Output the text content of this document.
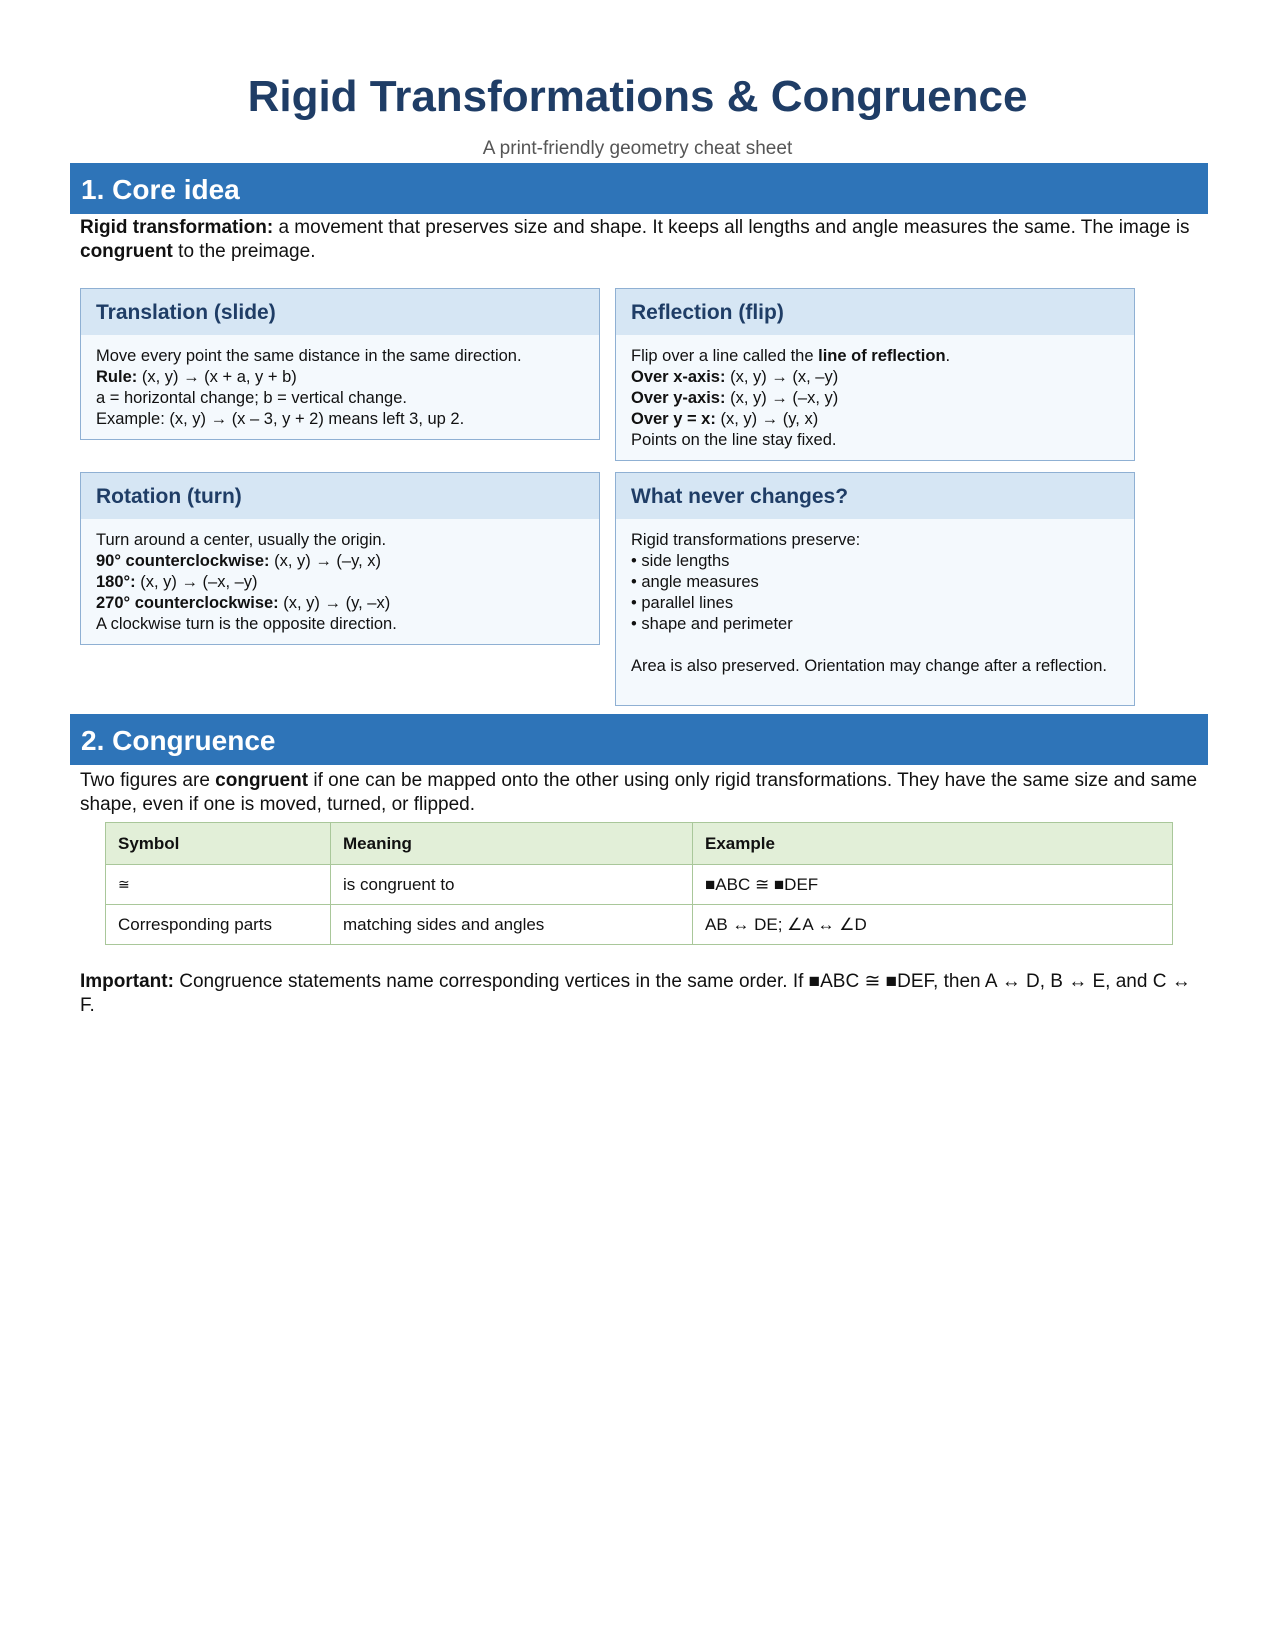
Rigid Transformations & Congruence
A print-friendly geometry cheat sheet
1. Core idea
Rigid transformation: a movement that preserves size and shape. It keeps all lengths and angle measures the same. The image is congruent to the preimage.
Translation (slide)
Move every point the same distance in the same direction.
Rule: (x, y) → (x + a, y + b)
a = horizontal change; b = vertical change.
Example: (x, y) → (x – 3, y + 2) means left 3, up 2.
Reflection (flip)
Flip over a line called the line of reflection.
Over x-axis: (x, y) → (x, –y)
Over y-axis: (x, y) → (–x, y)
Over y = x: (x, y) → (y, x)
Points on the line stay fixed.
Rotation (turn)
Turn around a center, usually the origin.
90° counterclockwise: (x, y) → (–y, x)
180°: (x, y) → (–x, –y)
270° counterclockwise: (x, y) → (y, –x)
A clockwise turn is the opposite direction.
What never changes?
Rigid transformations preserve:
• side lengths
• angle measures
• parallel lines
• shape and perimeter
Area is also preserved. Orientation may change after a reflection.
2. Congruence
Two figures are congruent if one can be mapped onto the other using only rigid transformations. They have the same size and same shape, even if one is moved, turned, or flipped.
Symbol	Meaning	Example
≅	is congruent to	■ABC ≅ ■DEF
Corresponding parts	matching sides and angles	AB ↔ DE; ∠A ↔ ∠D
Important: Congruence statements name corresponding vertices in the same order. If ■ABC ≅ ■DEF, then A ↔ D, B ↔ E, and C ↔ F.
